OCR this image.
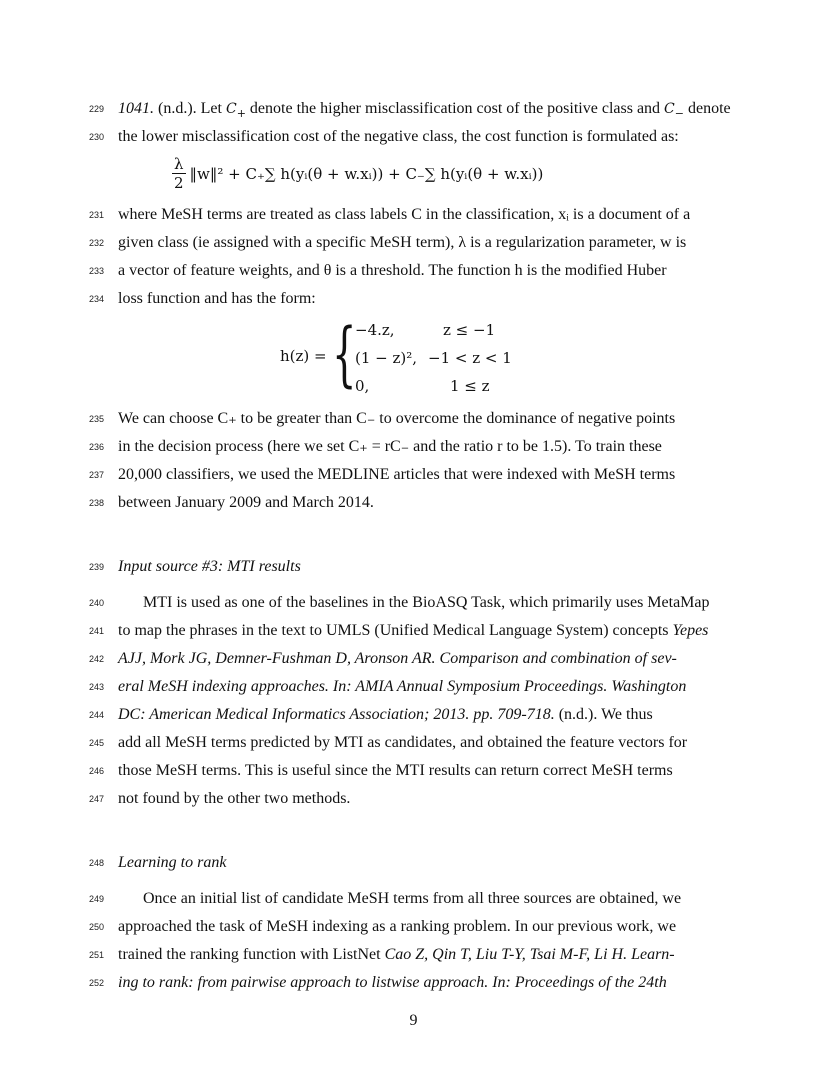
229
230
231
232
233
234
235
236
237
238
239
240
241
242
243
244
245
246
247
248
249
250
251
252
1041. (n.d.). Let $C_+$ denote the higher misclassification cost of the positive class and $C_-$ denote
the lower misclassification cost of the negative class, the cost function is formulated as:
$\frac{\lambda}{2}$ ‖w‖² + C₊∑ h(yᵢ(θ + w.xᵢ)) + C₋∑ h(yᵢ(θ + w.xᵢ))
where MeSH terms are treated as class labels C in the classification, xᵢ is a document of a
given class (ie assigned with a specific MeSH term), λ is a regularization parameter, w is
a vector of feature weights, and θ is a threshold. The function h is the modified Huber
loss function and has the form:
h(z) = {
−4.z,
(1 − z)²,
0,
z ≤ −1
−1 < z < 1
1 ≤ z
We can choose C₊ to be greater than C₋ to overcome the dominance of negative points
in the decision process (here we set C₊ = rC₋ and the ratio r to be 1.5). To train these
20,000 classifiers, we used the MEDLINE articles that were indexed with MeSH terms
between January 2009 and March 2014.
Input source #3: MTI results
MTI is used as one of the baselines in the BioASQ Task, which primarily uses MetaMap
to map the phrases in the text to UMLS (Unified Medical Language System) concepts Yepes
AJJ, Mork JG, Demner-Fushman D, Aronson AR. Comparison and combination of sev-
eral MeSH indexing approaches. In: AMIA Annual Symposium Proceedings. Washington
DC: American Medical Informatics Association; 2013. pp. 709-718. (n.d.). We thus
add all MeSH terms predicted by MTI as candidates, and obtained the feature vectors for
those MeSH terms. This is useful since the MTI results can return correct MeSH terms
not found by the other two methods.
Learning to rank
Once an initial list of candidate MeSH terms from all three sources are obtained, we
approached the task of MeSH indexing as a ranking problem. In our previous work, we
trained the ranking function with ListNet Cao Z, Qin T, Liu T-Y, Tsai M-F, Li H. Learn-
ing to rank: from pairwise approach to listwise approach. In: Proceedings of the 24th
9
